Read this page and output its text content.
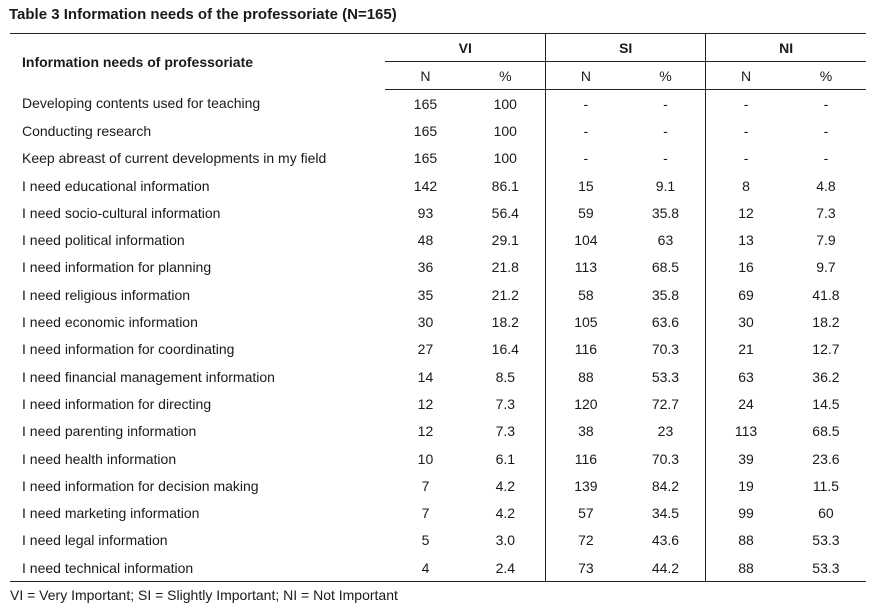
Table 3 Information needs of the professoriate (N=165)
Information needs of professoriate	VI		SI		NI	
	N	%	N	%	N	%
Developing contents used for teaching	165	100	-	-	-	-
Conducting research	165	100	-	-	-	-
Keep abreast of current developments in my field	165	100	-	-	-	-
I need educational information	142	86.1	15	9.1	8	4.8
I need socio-cultural information	93	56.4	59	35.8	12	7.3
I need political information	48	29.1	104	63	13	7.9
I need information for planning	36	21.8	113	68.5	16	9.7
I need religious information	35	21.2	58	35.8	69	41.8
I need economic information	30	18.2	105	63.6	30	18.2
I need information for coordinating	27	16.4	116	70.3	21	12.7
I need financial management information	14	8.5	88	53.3	63	36.2
I need information for directing	12	7.3	120	72.7	24	14.5
I need parenting information	12	7.3	38	23	113	68.5
I need health information	10	6.1	116	70.3	39	23.6
I need information for decision making	7	4.2	139	84.2	19	11.5
I need marketing information	7	4.2	57	34.5	99	60
I need legal information	5	3.0	72	43.6	88	53.3
I need technical information	4	2.4	73	44.2	88	53.3
VI = Very Important; SI = Slightly Important; NI = Not Important
